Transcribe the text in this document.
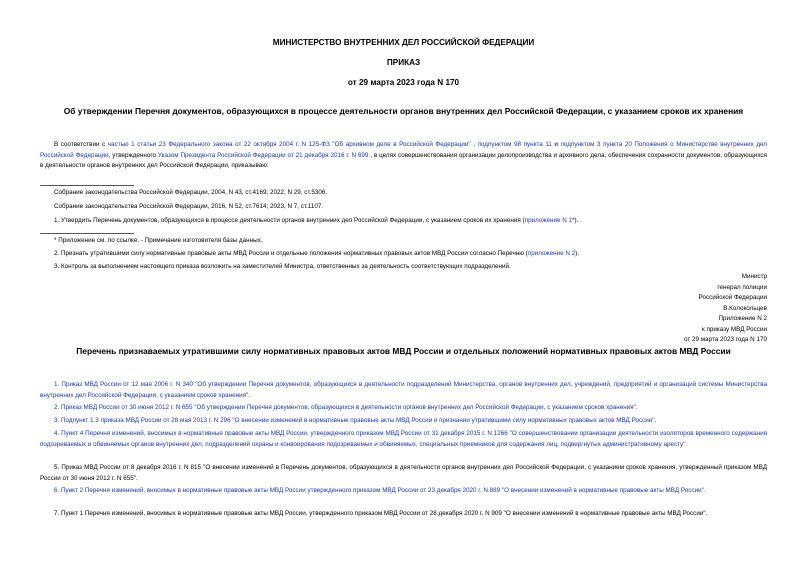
МИНИСТЕРСТВО ВНУТРЕННИХ ДЕЛ РОССИЙСКОЙ ФЕДЕРАЦИИ
ПРИКАЗ
от 29 марта 2023 года N 170
Об утверждении Перечня документов, образующихся в процессе деятельности органов внутренних дел Российской Федерации, с указанием сроков их хранения
В соответствии с частью 1 статьи 23 Федерального закона от 22 октября 2004 г. N 125-ФЗ "Об архивном деле в Российской Федерации" , подпунктом 98 пункта 11 и подпунктом 3 пункта 20 Положения о Министерстве внутренних дел Российской Федерации, утвержденного Указом Президента Российской Федерации от 21 декабря 2016 г. N 699 , в целях совершенствования организации делопроизводства и архивного дела, обеспечения сохранности документов, образующихся в деятельности органов внутренних дел Российской Федерации, приказываю:
Собрание законодательства Российской Федерации, 2004, N 43, ст.4169; 2022, N 29, ст.5306.
Собрание законодательства Российской Федерации, 2016, N 52, ст.7614; 2023, N 7, ст.1107.
1. Утвердить Перечень документов, образующихся в процессе деятельности органов внутренних дел Российской Федерации, с указанием сроков их хранения (приложение N 1*).
* Приложение см. по ссылке. - Примечание изготовителя базы данных.
2. Признать утратившими силу нормативные правовые акты МВД России и отдельные положения нормативных правовых актов МВД России согласно Перечню (приложение N 2).
3. Контроль за выполнением настоящего приказа возложить на заместителей Министра, ответственных за деятельность соответствующих подразделений.
Министр
генерал полиции
Российской Федерации
В.Колокольцев
Приложение N 2
к приказу МВД России
от 29 марта 2023 года N 170
Перечень признаваемых утратившими силу нормативных правовых актов МВД России и отдельных положений нормативных правовых актов МВД России
1. Приказ МВД России от 12 мая 2006 г. N 340 "Об утверждении Перечня документов, образующихся в деятельности подразделений Министерства, органов внутренних дел, учреждений, предприятий и организаций системы Министерства внутренних дел Российской Федерации, с указанием сроков хранения".
2. Приказ МВД России от 30 июня 2012 г. N 655 "Об утверждении Перечня документов, образующихся в деятельности органов внутренних дел Российской Федерации, с указанием сроков хранения".
3. Подпункт 1.3 приказа МВД России от 28 мая 2013 г. N 296 "О внесении изменений в нормативные правовые акты МВД России и признании утратившими силу нормативных правовых актов МВД России".
4. Пункт 4 Перечня изменений, вносимых в нормативные правовые акты МВД России, утвержденного приказом МВД России от 31 декабря 2015 г. N 1266 "О совершенствовании организации деятельности изоляторов временного содержания подозреваемых и обвиняемых органов внутренних дел, подразделений охраны и конвоирования подозреваемых и обвиняемых, специальных приемников для содержания лиц, подвергнутых административному аресту".
5. Приказ МВД России от 8 декабря 2016 г. N 815 "О внесении изменений в Перечень документов, образующихся в деятельности органов внутренних дел Российской Федерации, с указанием сроков хранения, утвержденный приказом МВД России от 30 июня 2012 г. N 655".
6. Пункт 2 Перечня изменений, вносимых в нормативные правовые акты МВД России утвержденного приказом МВД России от 23 декабря 2020 г. N 889 "О внесении изменений в нормативные правовые акты МВД России".
7. Пункт 1 Перечня изменений, вносимых в нормативные правовые акты МВД России, утвержденного приказом МВД России от 28 декабря 2020 г. N 909 "О внесении изменений в нормативные правовые акты МВД России".
